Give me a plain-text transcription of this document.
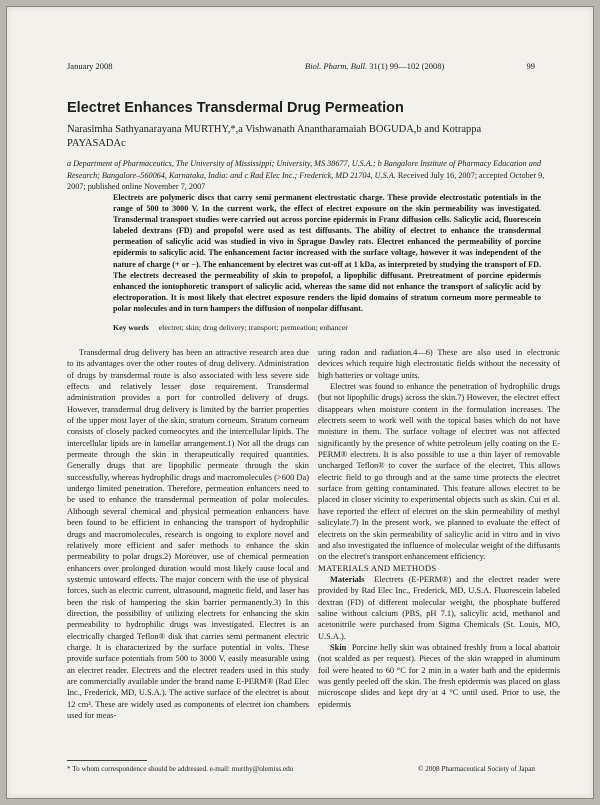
January 2008	Biol. Pharm. Bull. 31(1) 99—102 (2008)	99
Electret Enhances Transdermal Drug Permeation
Narasimha Sathyanarayana MURTHY,*,a Vishwanath Anantharamaiah BOGUDA,b and Kotrappa PAYASADAc
a Department of Pharmaceutics, The University of Mississippi; University, MS 38677, U.S.A.; b Bangalore Institute of Pharmacy Education and Research; Bangalore–560064, Karnataka, India: and c Rad Elec Inc.; Frederick, MD 21704, U.S.A. Received July 16, 2007; accepted October 9, 2007; published online November 7, 2007
Electrets are polymeric discs that carry semi permanent electrostatic charge. These provide electrostatic potentials in the range of 500 to 3000 V. In the current work, the effect of electret exposure on the skin permeability was investigated. Transdermal transport studies were carried out across porcine epidermis in Franz diffusion cells. Salicylic acid, fluorescein labeled dextrans (FD) and propofol were used as test diffusants. The ability of electret to enhance the transdermal permeation of salicylic acid was studied in vivo in Sprague Dawley rats. Electret enhanced the permeability of porcine epidermis to salicylic acid. The enhancement factor increased with the surface voltage, however it was independent of the nature of charge (+ or −). The enhancement by electret was cut-off at 1 kDa, as interpreted by studying the transport of FD. The electrets decreased the permeability of skin to propofol, a lipophilic diffusant. Pretreatment of porcine epidermis enhanced the iontophoretic transport of salicylic acid, whereas the same did not enhance the transport of salicylic acid by electroporation. It is most likely that electret exposure renders the lipid domains of stratum corneum more permeable to polar molecules and in turn hampers the diffusion of nonpolar diffusant.
Key words electret; skin; drug delivery; transport; permeation; enhancer

Transdermal drug delivery has been an attractive research area due to its advantages over the other routes of drug delivery. Administration of drugs by transdermal route is also associated with less severe side effects and relatively lesser dose requirement. Transdermal administration provides a port for controlled delivery of drugs. However, transdermal drug delivery is limited by the barrier properties of the upper most layer of the skin, stratum corneum. Stratum corneum consists of closely packed corneocytes and the intercellular lipids. The intercellular lipids are in lamellar arrangement.1) Not all the drugs can permeate through the skin in therapeutically required quantities. Generally drugs that are lipophilic permeate through the skin successfully, whereas hydrophilic drugs and macromolecules (>600 Da) undergo limited penetration. Therefore, permeation enhancers need to be used to enhance the transdermal permeation of polar molecules. Although several chemical and physical permeation enhancers have been found to be efficient in enhancing the transport of hydrophilic drugs and macromolecules, research is ongoing to explore novel and relatively more efficient and safer methods to enhance the skin permeability to polar drugs.2) Moreover, use of chemical permeation enhancers over prolonged duration would most likely cause local and systemic untoward effects. The major concern with the use of physical forces, such as electric current, ultrasound, magnetic field, and laser has been the risk of hampering the skin barrier permanently.3) In this direction, the possibility of utilizing electrets for enhancing the skin permeability to hydrophilic drugs was investigated. Electret is an electrically charged Teflon® disk that carries semi permanent electric charge. It is characterized by the surface potential in volts. These provide surface potentials from 500 to 3000 V, easily measurable using an electret reader. Electrets and the electret readers used in this study are commercially available under the brand name E-PERM® (Rad Elec Inc., Frederick, MD, U.S.A.). The active surface of the electret is about 12 cm². These are widely used as components of electret ion chambers used for meas-

uring radon and radiation.4—6) These are also used in electronic devices which require high electrostatic fields without the necessity of high batteries or voltage units.

Electret was found to enhance the penetration of hydrophilic drugs (but not lipophilic drugs) across the skin.7) However, the electret effect disappears when moisture content in the formulation increases. The electrets seem to work well with the topical bases which do not have moisture in them. The surface voltage of electret was not affected significantly by the presence of white petroleum jelly coating on the E-PERM® electrets. It is also possible to use a thin layer of removable uncharged Teflon® to cover the surface of the electret. This allows electric field to go through and at the same time protects the electret surface from getting contaminated. This feature allows electret to be placed in closer vicinity to experimental objects such as skin. Cui et al. have reported the effect of electret on the skin permeability of methyl salicylate.7) In the present work, we planned to evaluate the effect of electrets on the skin permeability of salicylic acid in vitro and in vivo and also investigated the influence of molecular weight of the diffusants on the electret's transport enhancement efficiency.

MATERIALS AND METHODS

Materials Electrets (E-PERM®) and the electret reader were provided by Rad Elec Inc., Frederick, MD, U.S.A. Fluorescein labeled dextran (FD) of different molecular weight, the phosphate buffered saline without calcium (PBS, pH 7.1), salicylic acid, methanol and acetonitrile were purchased from Sigma Chemicals (St. Louis, MO, U.S.A.).

Skin Porcine belly skin was obtained freshly from a local abattoir (not scalded as per request). Pieces of the skin wrapped in aluminum foil were heated to 60 °C for 2 min in a water bath and the epidermis was gently peeled off the skin. The fresh epidermis was placed on glass microscope slides and kept dry at 4 °C until used. Prior to use, the epidermis

* To whom correspondence should be addressed. e-mail: murthy@olemiss.edu	© 2008 Pharmaceutical Society of Japan
